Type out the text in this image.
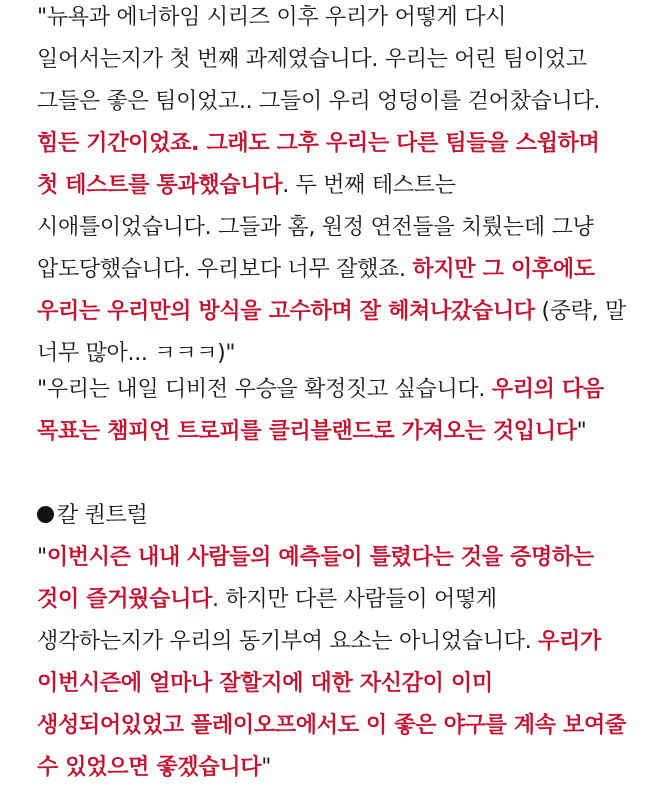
"뉴욕과 에너하임 시리즈 이후 우리가 어떻게 다시 일어서는지가 첫 번째 과제였습니다. 우리는 어린 팀이었고 그들은 좋은 팀이었고.. 그들이 우리 엉덩이를 걷어찼습니다. 힘든 기간이었죠. 그래도 그후 우리는 다른 팀들을 스윕하며 첫 테스트를 통과했습니다. 두 번째 테스트는 시애틀이었습니다. 그들과 홈, 원정 연전들을 치뤘는데 그냥 압도당했습니다. 우리보다 너무 잘했죠. 하지만 그 이후에도 우리는 우리만의 방식을 고수하며 잘 헤쳐나갔습니다 (중략, 말 너무 많아... ㅋㅋㅋ)"

"우리는 내일 디비전 우승을 확정짓고 싶습니다. 우리의 다음 목표는 챔피언 트로피를 클리블랜드로 가져오는 것입니다"

칼 퀀트럴

"이번시즌 내내 사람들의 예측들이 틀렸다는 것을 증명하는 것이 즐거웠습니다. 하지만 다른 사람들이 어떻게 생각하는지가 우리의 동기부여 요소는 아니었습니다. 우리가 이번시즌에 얼마나 잘할지에 대한 자신감이 이미 생성되어있었고 플레이오프에서도 이 좋은 야구를 계속 보여줄 수 있었으면 좋겠습니다"
